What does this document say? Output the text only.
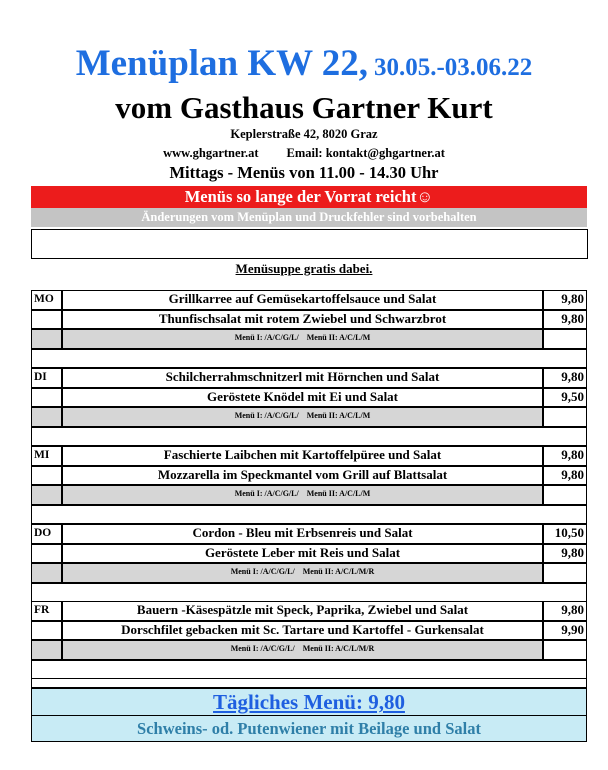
Menüplan KW 22, 30.05.-03.06.22
vom Gasthaus Gartner Kurt
Keplerstraße 42, 8020 Graz
www.ghgartner.at Email: kontakt@ghgartner.at
Mittags - Menüs von 11.00 - 14.30 Uhr
Menüs so lange der Vorrat reicht☺
Änderungen vom Menüplan und Druckfehler sind vorbehalten
Menüsuppe gratis dabei.
MO	Grillkarree auf Gemüsekartoffelsauce und Salat	9,80
Thunfischsalat mit rotem Zwiebel und Schwarzbrot	9,80
Menü I: /A/C/G/L/ Menü II: A/C/L/M
DI	Schilcherrahmschnitzerl mit Hörnchen und Salat	9,80
Geröstete Knödel mit Ei und Salat	9,50
Menü I: /A/C/G/L/ Menü II: A/C/L/M
MI	Faschierte Laibchen mit Kartoffelpüree und Salat	9,80
Mozzarella im Speckmantel vom Grill auf Blattsalat	9,80
Menü I: /A/C/G/L/ Menü II: A/C/L/M
DO	Cordon - Bleu mit Erbsenreis und Salat	10,50
Geröstete Leber mit Reis und Salat	9,80
Menü I: /A/C/G/L/ Menü II: A/C/L/M/R
FR	Bauern -Käsespätzle mit Speck, Paprika, Zwiebel und Salat	9,80
Dorschfilet gebacken mit Sc. Tartare und Kartoffel - Gurkensalat	9,90
Menü I: /A/C/G/L/ Menü II: A/C/L/M/R
Tägliches Menü: 9,80
Schweins- od. Putenwiener mit Beilage und Salat
